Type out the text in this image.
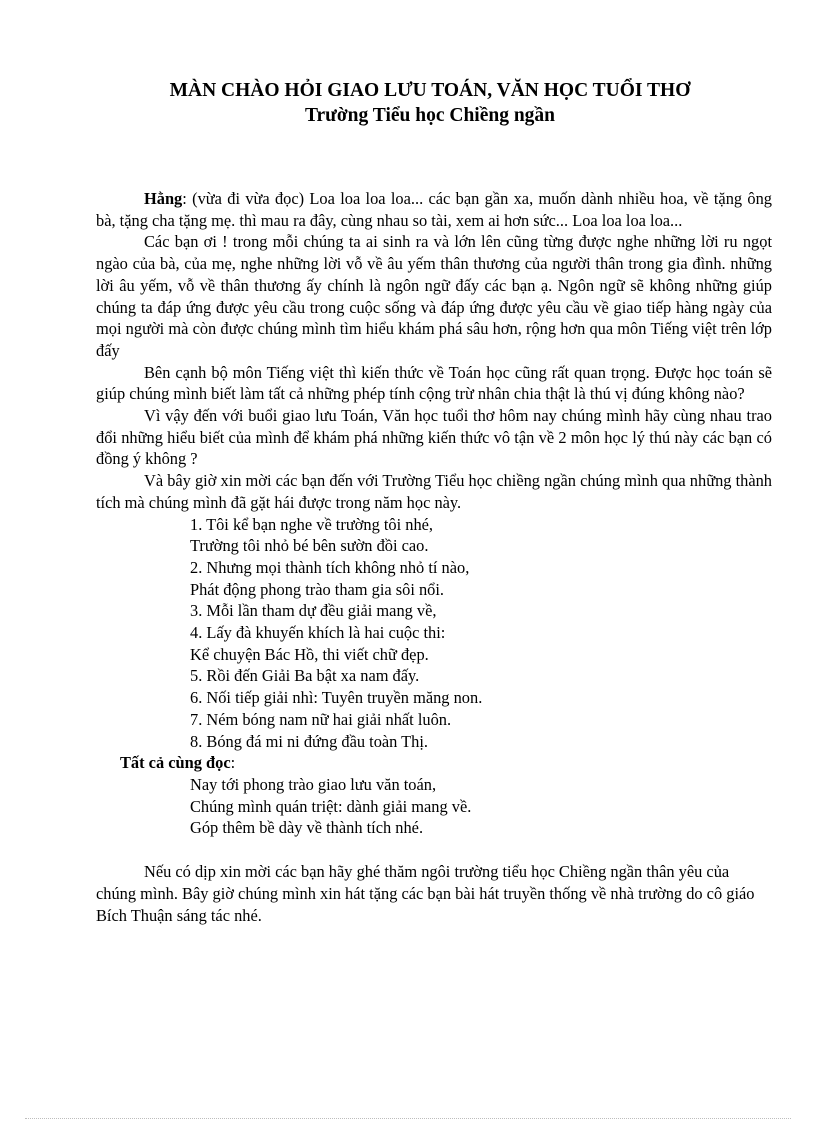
MÀN CHÀO HỎI GIAO LƯU TOÁN, VĂN HỌC TUỔI THƠ
Trường Tiểu học Chiềng ngần

Hằng: (vừa đi vừa đọc) Loa loa loa loa... các bạn gần xa, muốn dành nhiều hoa, về tặng ông bà, tặng cha tặng mẹ. thì mau ra đây, cùng nhau so tài, xem ai hơn sức... Loa loa loa loa...

Các bạn ơi ! trong mỗi chúng ta ai sinh ra và lớn lên cũng từng được nghe những lời ru ngọt ngào của bà, của mẹ, nghe những lời vỗ về âu yếm thân thương của người thân trong gia đình. những lời âu yếm, vỗ về thân thương ấy chính là ngôn ngữ đấy các bạn ạ. Ngôn ngữ sẽ không những giúp chúng ta đáp ứng được yêu cầu trong cuộc sống và đáp ứng được yêu cầu về giao tiếp hàng ngày của mọi người mà còn được chúng mình tìm hiểu khám phá sâu hơn, rộng hơn qua môn Tiếng việt trên lớp đấy

Bên cạnh bộ môn Tiếng việt thì kiến thức về Toán học cũng rất quan trọng. Được học toán sẽ giúp chúng mình biết làm tất cả những phép tính cộng trừ nhân chia thật là thú vị đúng không nào?

Vì vậy đến với buổi giao lưu Toán, Văn học tuổi thơ hôm nay chúng mình hãy cùng nhau trao đổi những hiểu biết của mình để khám phá những kiến thức vô tận về 2 môn học lý thú này các bạn có đồng ý không ?

Và bây giờ xin mời các bạn đến với Trường Tiểu học chiềng ngần chúng mình qua những thành tích mà chúng mình đã gặt hái được trong năm học này.

1. Tôi kể bạn nghe về trường tôi nhé,
Trường tôi nhỏ bé bên sườn đồi cao.
2. Nhưng mọi thành tích không nhỏ tí nào,
Phát động phong trào tham gia sôi nổi.
3. Mỗi lần tham dự đều giải mang về,
4. Lấy đà khuyến khích là hai cuộc thi:
Kể chuyện Bác Hồ, thi viết chữ đẹp.
5. Rồi đến Giải Ba bật xa nam đấy.
6. Nối tiếp giải nhì: Tuyên truyền măng non.
7. Ném bóng nam nữ hai giải nhất luôn.
8. Bóng đá mi ni đứng đầu toàn Thị.
Tất cả cùng đọc:
Nay tới phong trào giao lưu văn toán,
Chúng mình quán triệt: dành giải mang về.
Góp thêm bề dày về thành tích nhé.

Nếu có dịp xin mời các bạn hãy ghé thăm ngôi trường tiểu học Chiềng ngần thân yêu của chúng mình. Bây giờ chúng mình xin hát tặng các bạn bài hát truyền thống về nhà trường do cô giáo Bích Thuận sáng tác nhé.
